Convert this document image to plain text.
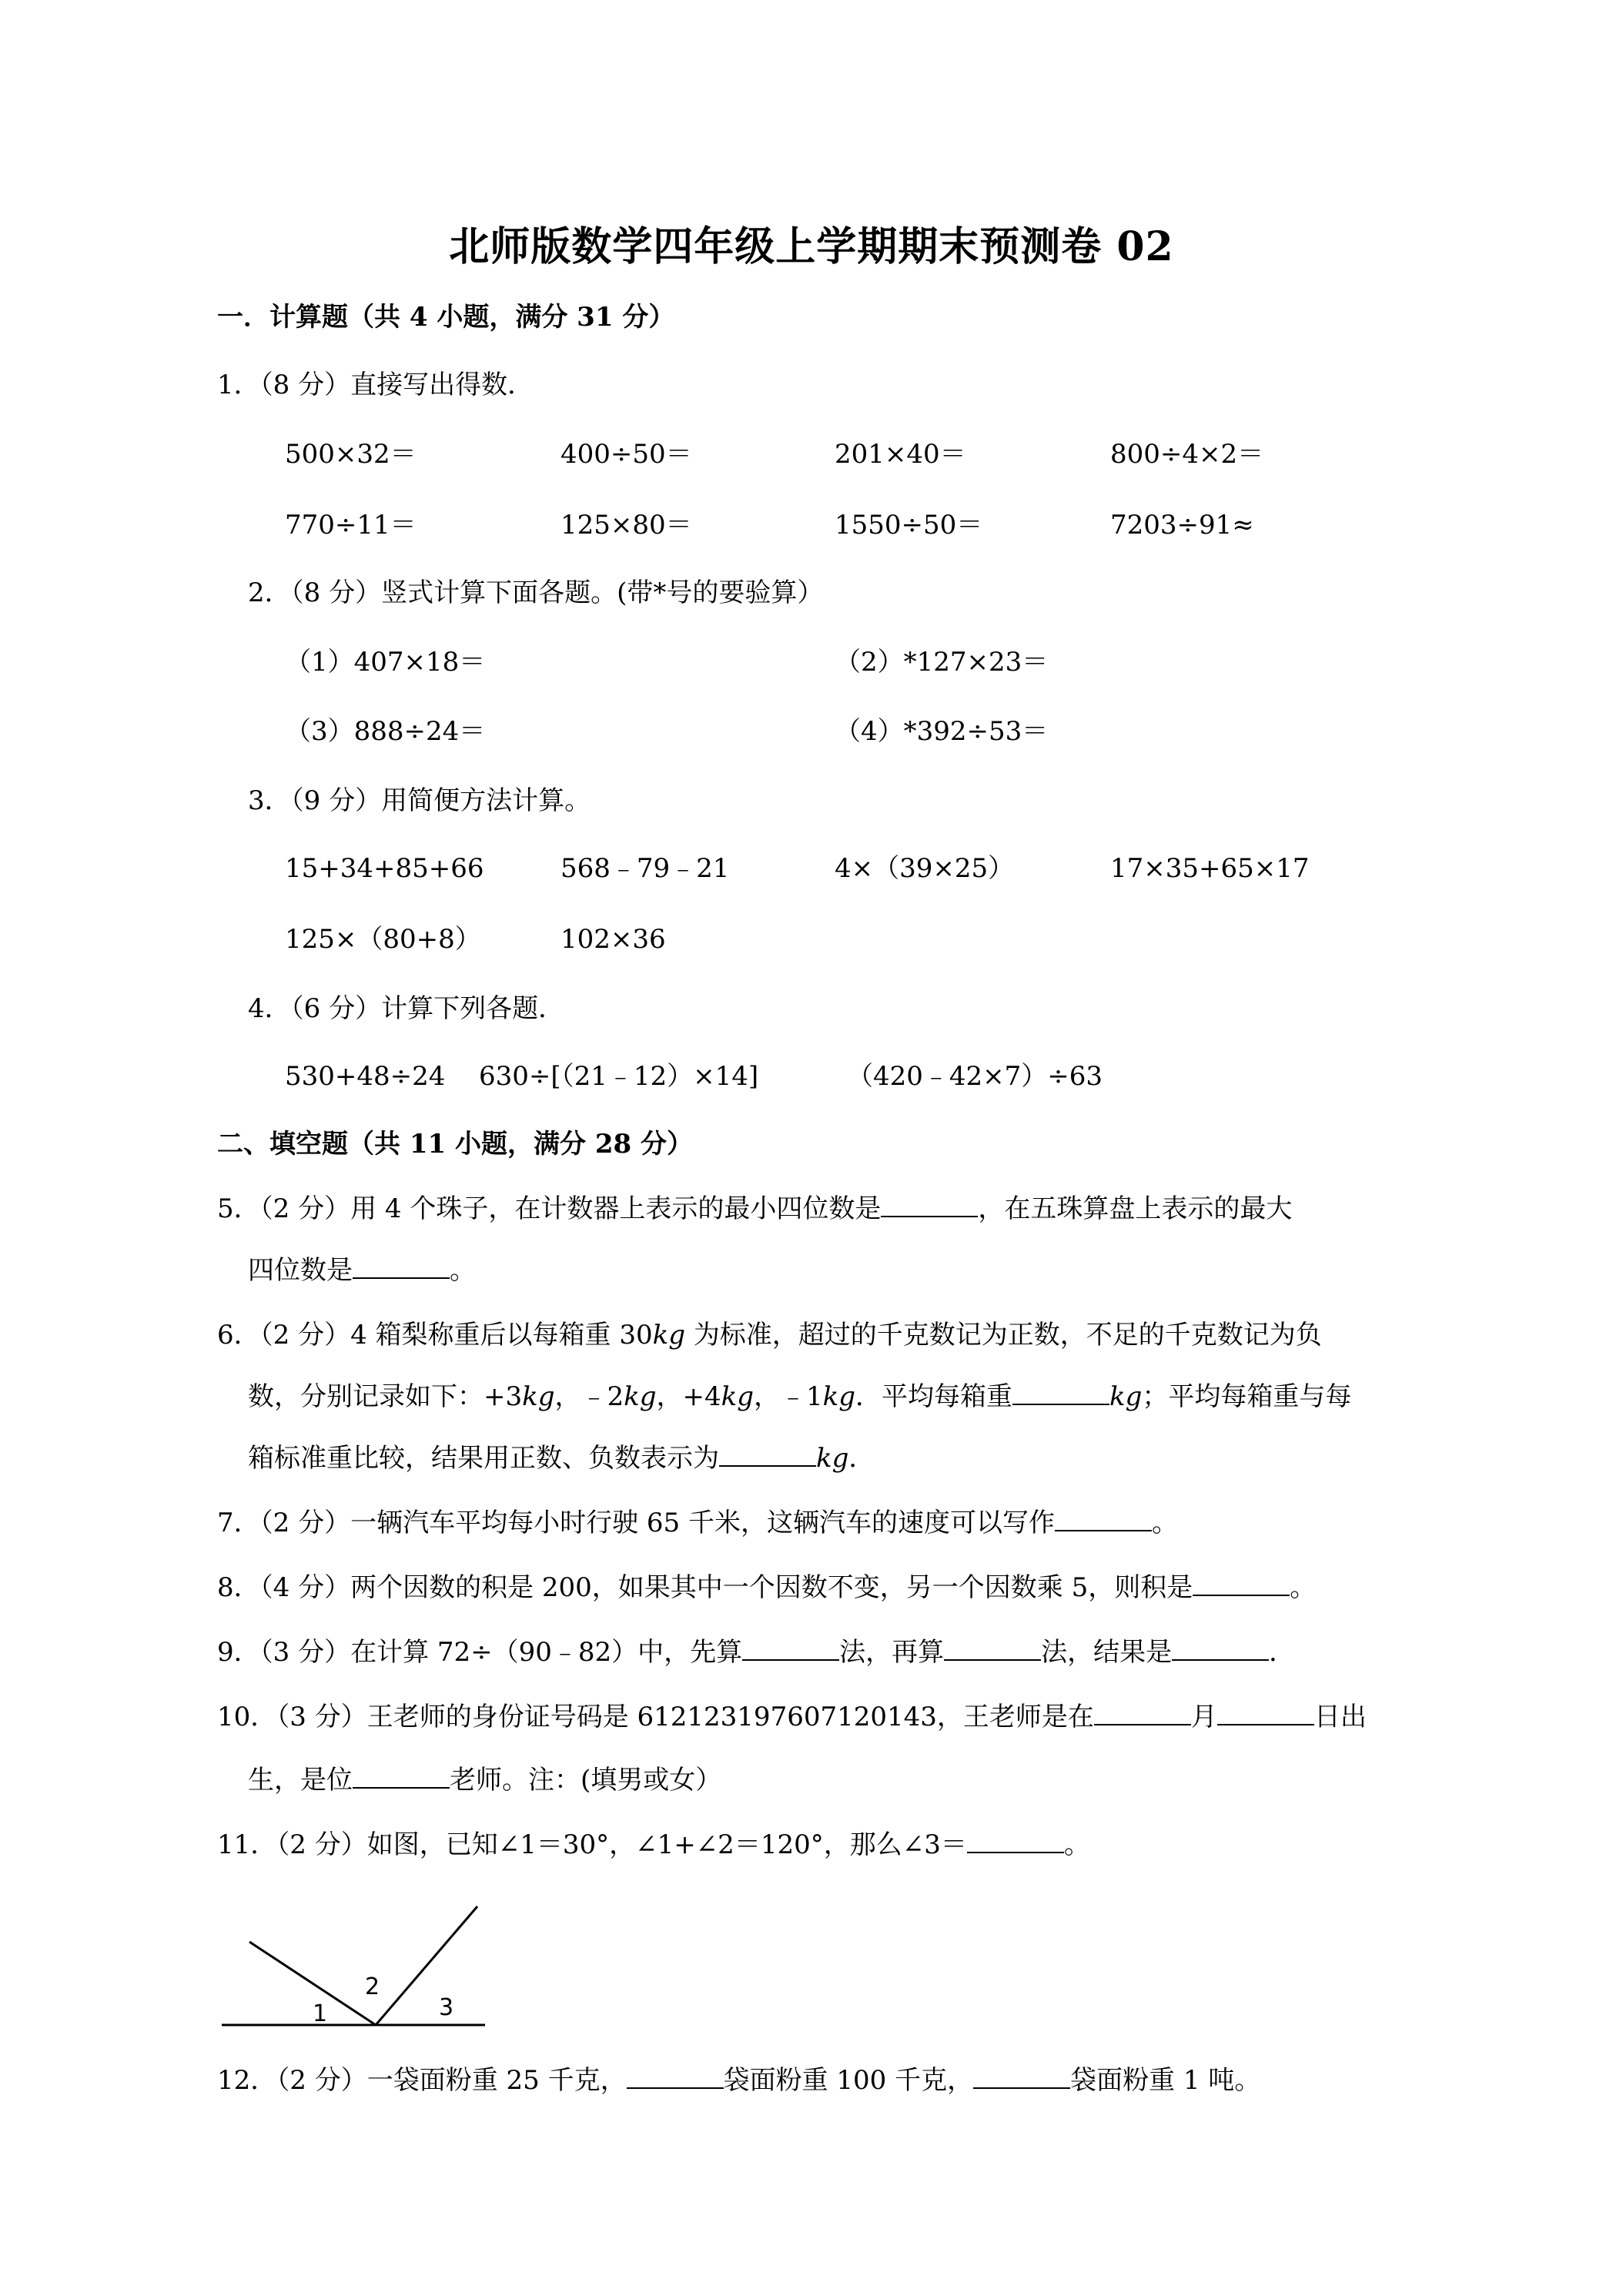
北师版数学四年级上学期期末预测卷 02
一．计算题（共 4 小题，满分 31 分）
1．（8 分）直接写出得数．
500×32＝	400÷50＝	201×40＝	800÷4×2＝
770÷11＝	125×80＝	1550÷50＝	7203÷91≈
2．（8 分）竖式计算下面各题。(带*号的要验算）
（1）407×18＝	（2）*127×23＝
（3）888÷24＝	（4）*392÷53＝
3．（9 分）用简便方法计算。
15+34+85+66	568﹣79﹣21	4×（39×25）	17×35+65×17
125×（80+8）	102×36
4．（6 分）计算下列各题．
530+48÷24 630÷[（21﹣12）×14]	（420﹣42×7）÷63
二、填空题（共 11 小题，满分 28 分）
5．（2 分）用 4 个珠子，在计数器上表示的最小四位数是	，在五珠算盘上表示的最大
四位数是	。
6．（2 分）4 箱梨称重后以每箱重 30kg 为标准，超过的千克数记为正数，不足的千克数记为负
数，分别记录如下：+3kg，﹣2kg，+4kg，﹣1kg．平均每箱重	kg；平均每箱重与每
箱标准重比较，结果用正数、负数表示为	kg．
7．（2 分）一辆汽车平均每小时行驶 65 千米，这辆汽车的速度可以写作	。
8．（4 分）两个因数的积是 200，如果其中一个因数不变，另一个因数乘 5，则积是	。
9．（3 分）在计算 72÷（90﹣82）中，先算	法，再算	法，结果是	．
10．（3 分）王老师的身份证号码是 612123197607120143，王老师是在	月	日出
生，是位	老师。注：(填男或女）
11．（2 分）如图，已知∠1＝30°，∠1+∠2＝120°，那么∠3＝	。
1
2
3
12．（2 分）一袋面粉重 25 千克，	袋面粉重 100 千克，	袋面粉重 1 吨。
